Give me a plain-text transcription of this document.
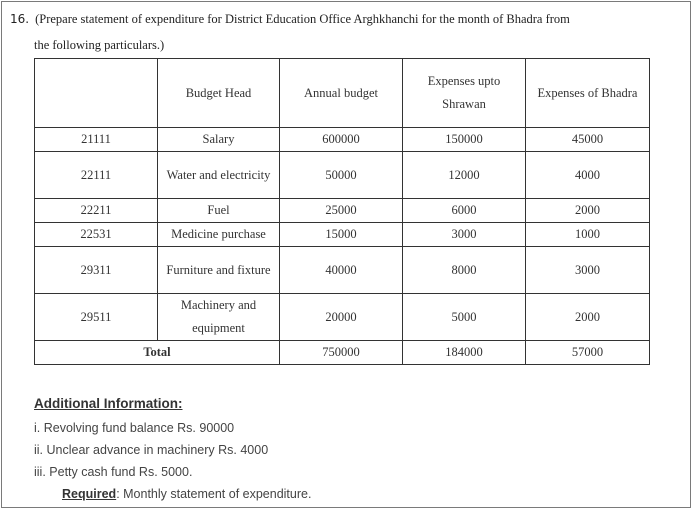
16. (Prepare statement of expenditure for District Education Office Arghkhanchi for the month of Bhadra from
the following particulars.)
	Budget Head	Annual budget	Expenses upto Shrawan	Expenses of Bhadra
21111	Salary	600000	150000	45000
22111	Water and electricity	50000	12000	4000
22211	Fuel	25000	6000	2000
22531	Medicine purchase	15000	3000	1000
29311	Furniture and fixture	40000	8000	3000
29511	Machinery and equipment	20000	5000	2000
Total		750000	184000	57000
Additional Information:
i. Revolving fund balance Rs. 90000
ii. Unclear advance in machinery Rs. 4000
iii. Petty cash fund Rs. 5000.
Required: Monthly statement of expenditure.
